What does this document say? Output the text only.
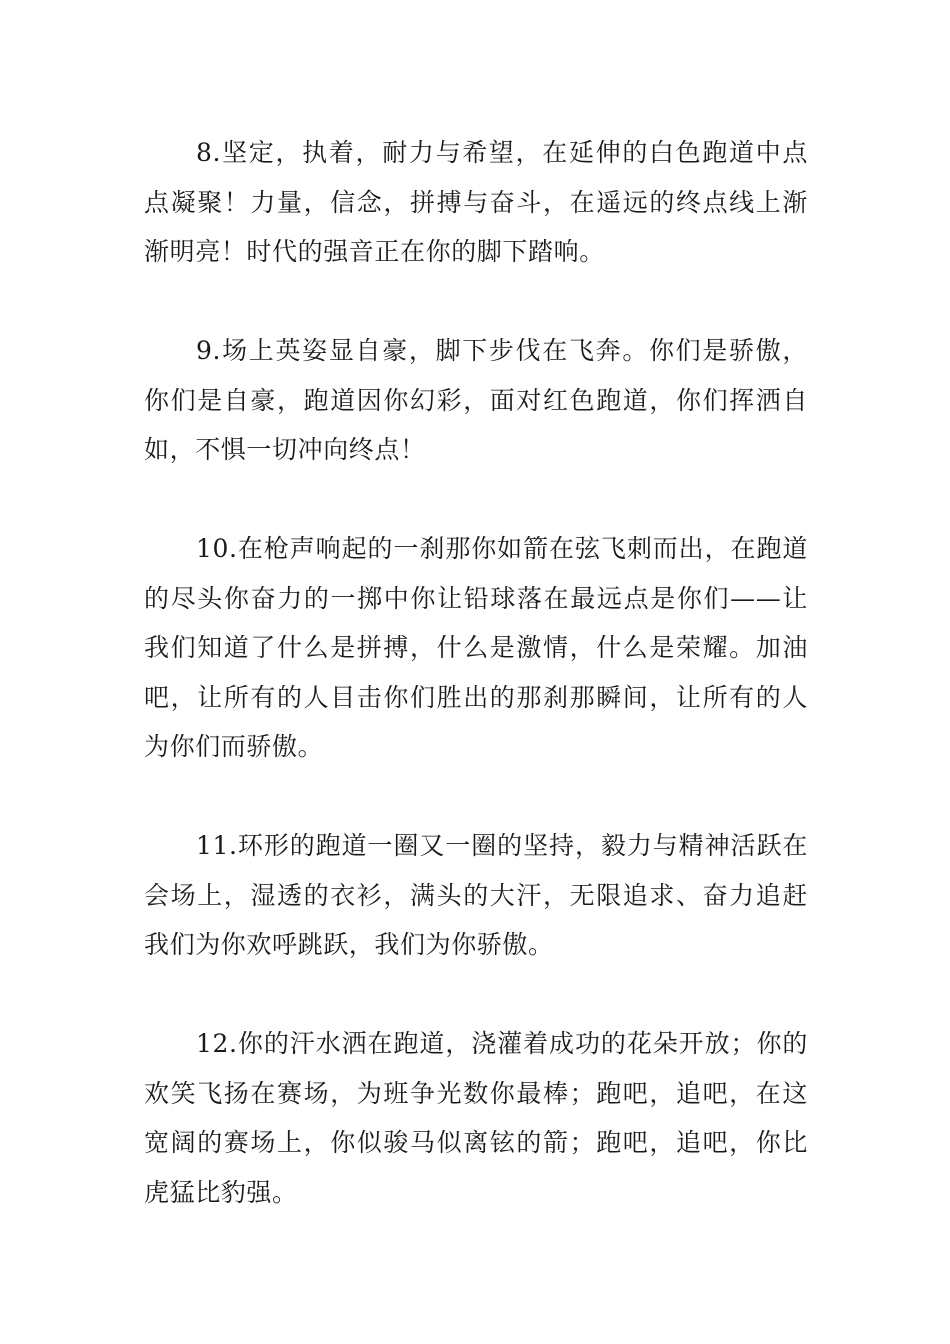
8.坚定，执着，耐力与希望，在延伸的白色跑道中点点凝聚！力量，信念，拼搏与奋斗，在遥远的终点线上渐渐明亮！时代的强音正在你的脚下踏响。

9.场上英姿显自豪，脚下步伐在飞奔。你们是骄傲，你们是自豪，跑道因你幻彩，面对红色跑道，你们挥洒自如，不惧一切冲向终点！

10.在枪声响起的一刹那你如箭在弦飞刺而出，在跑道的尽头你奋力的一掷中你让铅球落在最远点是你们——让我们知道了什么是拼搏，什么是激情，什么是荣耀。加油吧，让所有的人目击你们胜出的那刹那瞬间，让所有的人为你们而骄傲。

11.环形的跑道一圈又一圈的坚持，毅力与精神活跃在会场上，湿透的衣衫，满头的大汗，无限追求、奋力追赶我们为你欢呼跳跃，我们为你骄傲。

12.你的汗水洒在跑道，浇灌着成功的花朵开放；你的欢笑飞扬在赛场，为班争光数你最棒；跑吧，追吧，在这宽阔的赛场上，你似骏马似离铉的箭；跑吧，追吧，你比虎猛比豹强。
